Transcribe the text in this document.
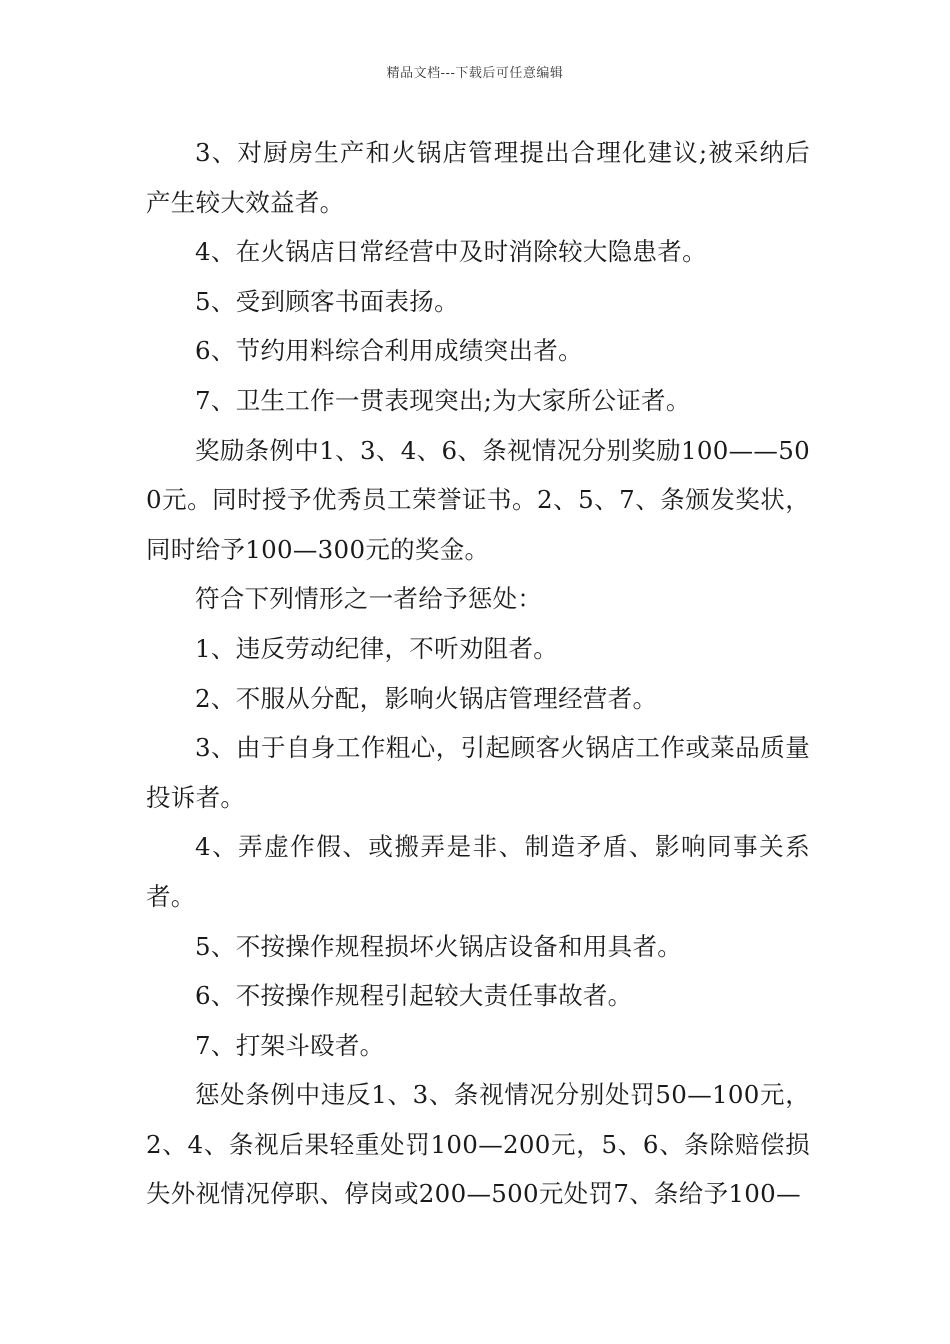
精品文档---下载后可任意编辑

3、对厨房生产和火锅店管理提出合理化建议;被采纳后产生较大效益者。

4、在火锅店日常经营中及时消除较大隐患者。

5、受到顾客书面表扬。

6、节约用料综合利用成绩突出者。

7、卫生工作一贯表现突出;为大家所公证者。

奖励条例中1、3、4、6、条视情况分别奖励100——500元。同时授予优秀员工荣誉证书。2、5、7、条颁发奖状，同时给予100—300元的奖金。

符合下列情形之一者给予惩处：

1、违反劳动纪律，不听劝阻者。

2、不服从分配，影响火锅店管理经营者。

3、由于自身工作粗心，引起顾客火锅店工作或菜品质量投诉者。

4、弄虚作假、或搬弄是非、制造矛盾、影响同事关系者。

5、不按操作规程损坏火锅店设备和用具者。

6、不按操作规程引起较大责任事故者。

7、打架斗殴者。

惩处条例中违反1、3、条视情况分别处罚50—100元，2、4、条视后果轻重处罚100—200元，5、6、条除赔偿损失外视情况停职、停岗或200—500元处罚7、条给予100—
